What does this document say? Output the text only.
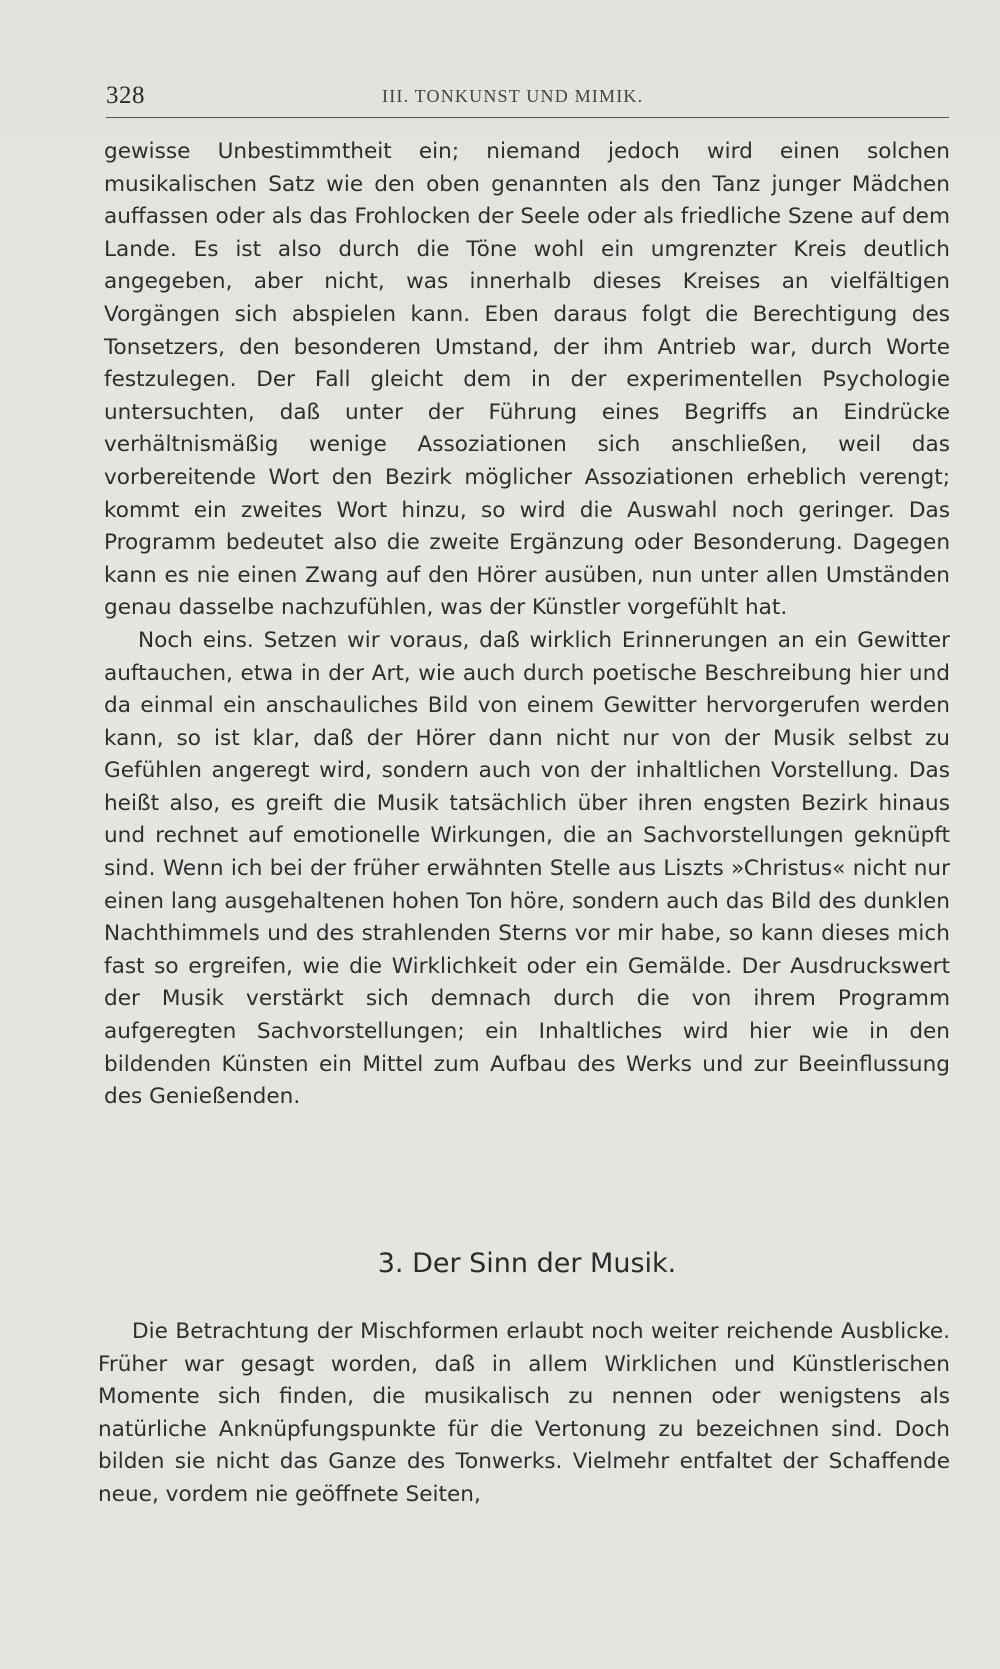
328	III. TONKUNST UND MIMIK.

gewisse Unbestimmtheit ein; niemand jedoch wird einen solchen musikalischen Satz wie den oben genannten als den Tanz junger Mädchen auffassen oder als das Frohlocken der Seele oder als friedliche Szene auf dem Lande. Es ist also durch die Töne wohl ein umgrenzter Kreis deutlich angegeben, aber nicht, was innerhalb dieses Kreises an vielfältigen Vorgängen sich abspielen kann. Eben daraus folgt die Berechtigung des Tonsetzers, den besonderen Umstand, der ihm Antrieb war, durch Worte festzulegen. Der Fall gleicht dem in der experimentellen Psychologie untersuchten, daß unter der Führung eines Begriffs an Eindrücke verhältnismäßig wenige Assoziationen sich anschließen, weil das vorbereitende Wort den Bezirk möglicher Assoziationen erheblich verengt; kommt ein zweites Wort hinzu, so wird die Auswahl noch geringer. Das Programm bedeutet also die zweite Ergänzung oder Besonderung. Dagegen kann es nie einen Zwang auf den Hörer ausüben, nun unter allen Umständen genau dasselbe nachzufühlen, was der Künstler vorgefühlt hat.

Noch eins. Setzen wir voraus, daß wirklich Erinnerungen an ein Gewitter auftauchen, etwa in der Art, wie auch durch poetische Beschreibung hier und da einmal ein anschauliches Bild von einem Gewitter hervorgerufen werden kann, so ist klar, daß der Hörer dann nicht nur von der Musik selbst zu Gefühlen angeregt wird, sondern auch von der inhaltlichen Vorstellung. Das heißt also, es greift die Musik tatsächlich über ihren engsten Bezirk hinaus und rechnet auf emotionelle Wirkungen, die an Sachvorstellungen geknüpft sind. Wenn ich bei der früher erwähnten Stelle aus Liszts »Christus« nicht nur einen lang ausgehaltenen hohen Ton höre, sondern auch das Bild des dunklen Nachthimmels und des strahlenden Sterns vor mir habe, so kann dieses mich fast so ergreifen, wie die Wirklichkeit oder ein Gemälde. Der Ausdruckswert der Musik verstärkt sich demnach durch die von ihrem Programm aufgeregten Sachvorstellungen; ein Inhaltliches wird hier wie in den bildenden Künsten ein Mittel zum Aufbau des Werks und zur Beeinflussung des Genießenden.

3. Der Sinn der Musik.

Die Betrachtung der Mischformen erlaubt noch weiter reichende Ausblicke. Früher war gesagt worden, daß in allem Wirklichen und Künstlerischen Momente sich finden, die musikalisch zu nennen oder wenigstens als natürliche Anknüpfungspunkte für die Vertonung zu bezeichnen sind. Doch bilden sie nicht das Ganze des Tonwerks. Vielmehr entfaltet der Schaffende neue, vordem nie geöffnete Seiten,
